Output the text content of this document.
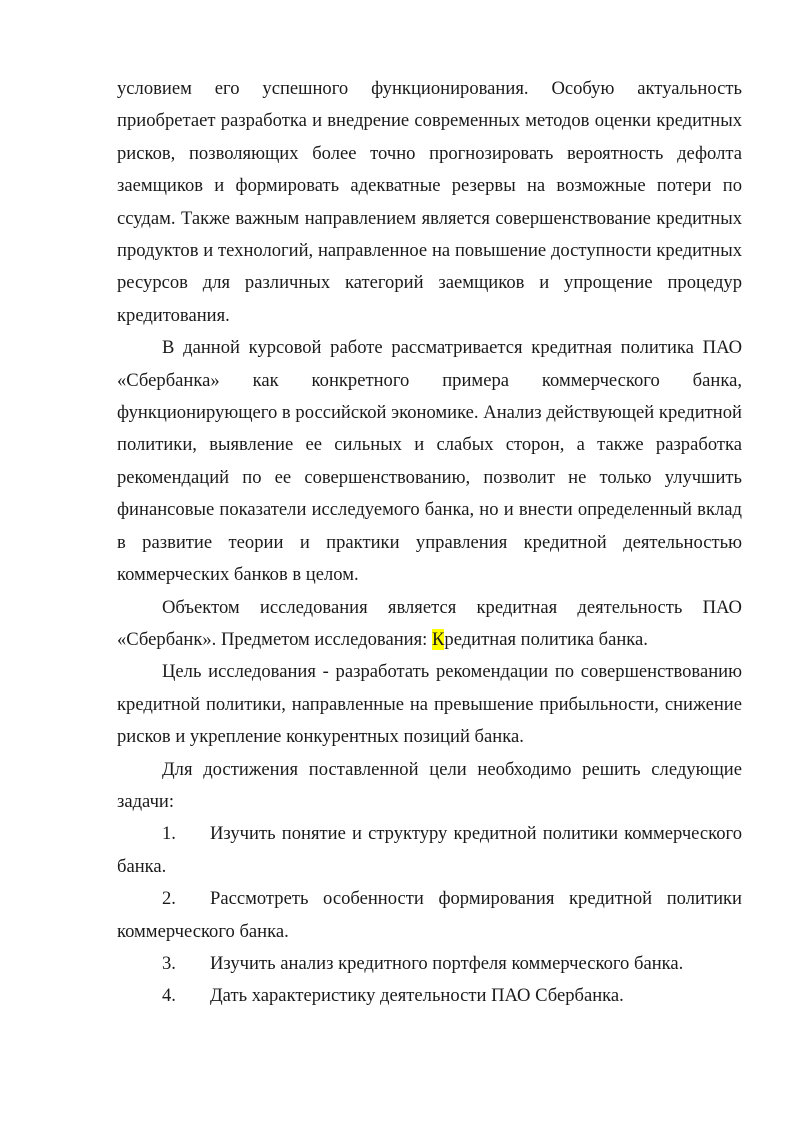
условием его успешного функционирования. Особую актуальность приобретает разработка и внедрение современных методов оценки кредитных рисков, позволяющих более точно прогнозировать вероятность дефолта заемщиков и формировать адекватные резервы на возможные потери по ссудам. Также важным направлением является совершенствование кредитных продуктов и технологий, направленное на повышение доступности кредитных ресурсов для различных категорий заемщиков и упрощение процедур кредитования.

В данной курсовой работе рассматривается кредитная политика ПАО «Сбербанка» как конкретного примера коммерческого банка, функционирующего в российской экономике. Анализ действующей кредитной политики, выявление ее сильных и слабых сторон, а также разработка рекомендаций по ее совершенствованию, позволит не только улучшить финансовые показатели исследуемого банка, но и внести определенный вклад в развитие теории и практики управления кредитной деятельностью коммерческих банков в целом.

Объектом исследования является кредитная деятельность ПАО «Сбербанк». Предметом исследования: Кредитная политика банка.

Цель исследования - разработать рекомендации по совершенствованию кредитной политики, направленные на превышение прибыльности, снижение рисков и укрепление конкурентных позиций банка.

Для достижения поставленной цели необходимо решить следующие задачи:

1. Изучить понятие и структуру кредитной политики коммерческого банка.

2. Рассмотреть особенности формирования кредитной политики коммерческого банка.

3. Изучить анализ кредитного портфеля коммерческого банка.

4. Дать характеристику деятельности ПАО Сбербанка.
